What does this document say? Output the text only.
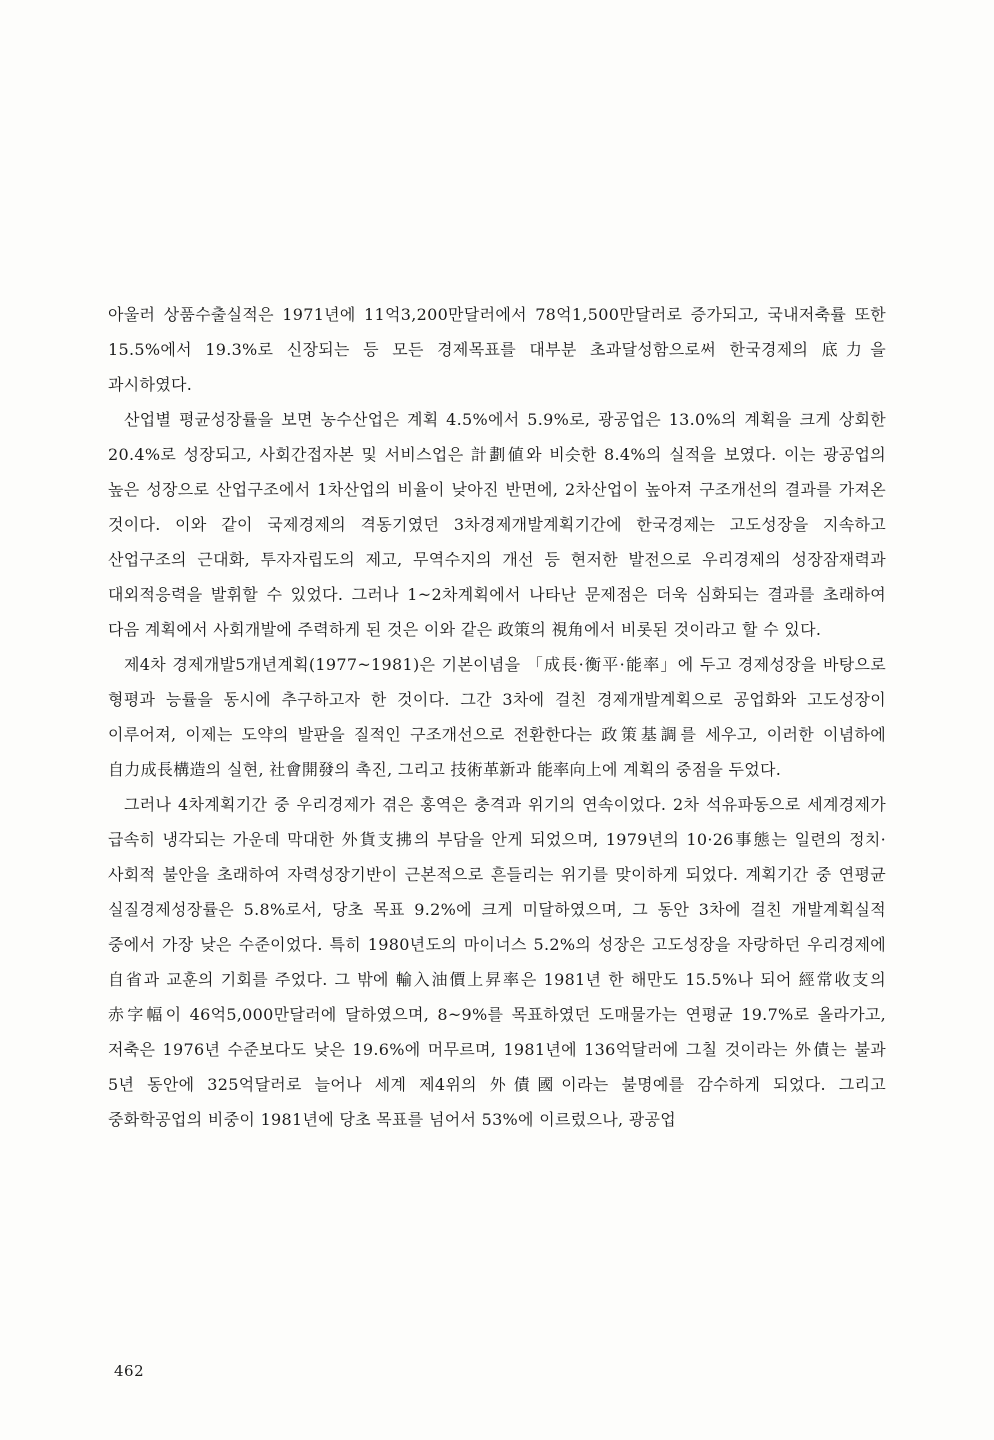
아울러 상품수출실적은 1971년에 11억3,200만달러에서 78억1,500만달러로 증가되고, 국내저축률 또한 15.5%에서 19.3%로 신장되는 등 모든 경제목표를 대부분 초과달성함으로써 한국경제의 底力을 과시하였다.

산업별 평균성장률을 보면 농수산업은 계획 4.5%에서 5.9%로, 광공업은 13.0%의 계획을 크게 상회한 20.4%로 성장되고, 사회간접자본 및 서비스업은 計劃値와 비슷한 8.4%의 실적을 보였다. 이는 광공업의 높은 성장으로 산업구조에서 1차산업의 비율이 낮아진 반면에, 2차산업이 높아져 구조개선의 결과를 가져온 것이다. 이와 같이 국제경제의 격동기였던 3차경제개발계획기간에 한국경제는 고도성장을 지속하고 산업구조의 근대화, 투자자립도의 제고, 무역수지의 개선 등 현저한 발전으로 우리경제의 성장잠재력과 대외적응력을 발휘할 수 있었다. 그러나 1~2차계획에서 나타난 문제점은 더욱 심화되는 결과를 초래하여 다음 계획에서 사회개발에 주력하게 된 것은 이와 같은 政策의 視角에서 비롯된 것이라고 할 수 있다.

제4차 경제개발5개년계획(1977~1981)은 기본이념을 「成長·衡平·能率」에 두고 경제성장을 바탕으로 형평과 능률을 동시에 추구하고자 한 것이다. 그간 3차에 걸친 경제개발계획으로 공업화와 고도성장이 이루어져, 이제는 도약의 발판을 질적인 구조개선으로 전환한다는 政策基調를 세우고, 이러한 이념하에 自力成長構造의 실현, 社會開發의 촉진, 그리고 技術革新과 能率向上에 계획의 중점을 두었다.

그러나 4차계획기간 중 우리경제가 겪은 홍역은 충격과 위기의 연속이었다. 2차 석유파동으로 세계경제가 급속히 냉각되는 가운데 막대한 外貨支拂의 부담을 안게 되었으며, 1979년의 10·26事態는 일련의 정치·사회적 불안을 초래하여 자력성장기반이 근본적으로 흔들리는 위기를 맞이하게 되었다. 계획기간 중 연평균 실질경제성장률은 5.8%로서, 당초 목표 9.2%에 크게 미달하였으며, 그 동안 3차에 걸친 개발계획실적 중에서 가장 낮은 수준이었다. 특히 1980년도의 마이너스 5.2%의 성장은 고도성장을 자랑하던 우리경제에 自省과 교훈의 기회를 주었다. 그 밖에 輸入油價上昇率은 1981년 한 해만도 15.5%나 되어 經常收支의 赤字幅이 46억5,000만달러에 달하였으며, 8~9%를 목표하였던 도매물가는 연평균 19.7%로 올라가고, 저축은 1976년 수준보다도 낮은 19.6%에 머무르며, 1981년에 136억달러에 그칠 것이라는 外債는 불과 5년 동안에 325억달러로 늘어나 세계 제4위의 外債國이라는 불명예를 감수하게 되었다. 그리고 중화학공업의 비중이 1981년에 당초 목표를 넘어서 53%에 이르렀으나, 광공업

462
